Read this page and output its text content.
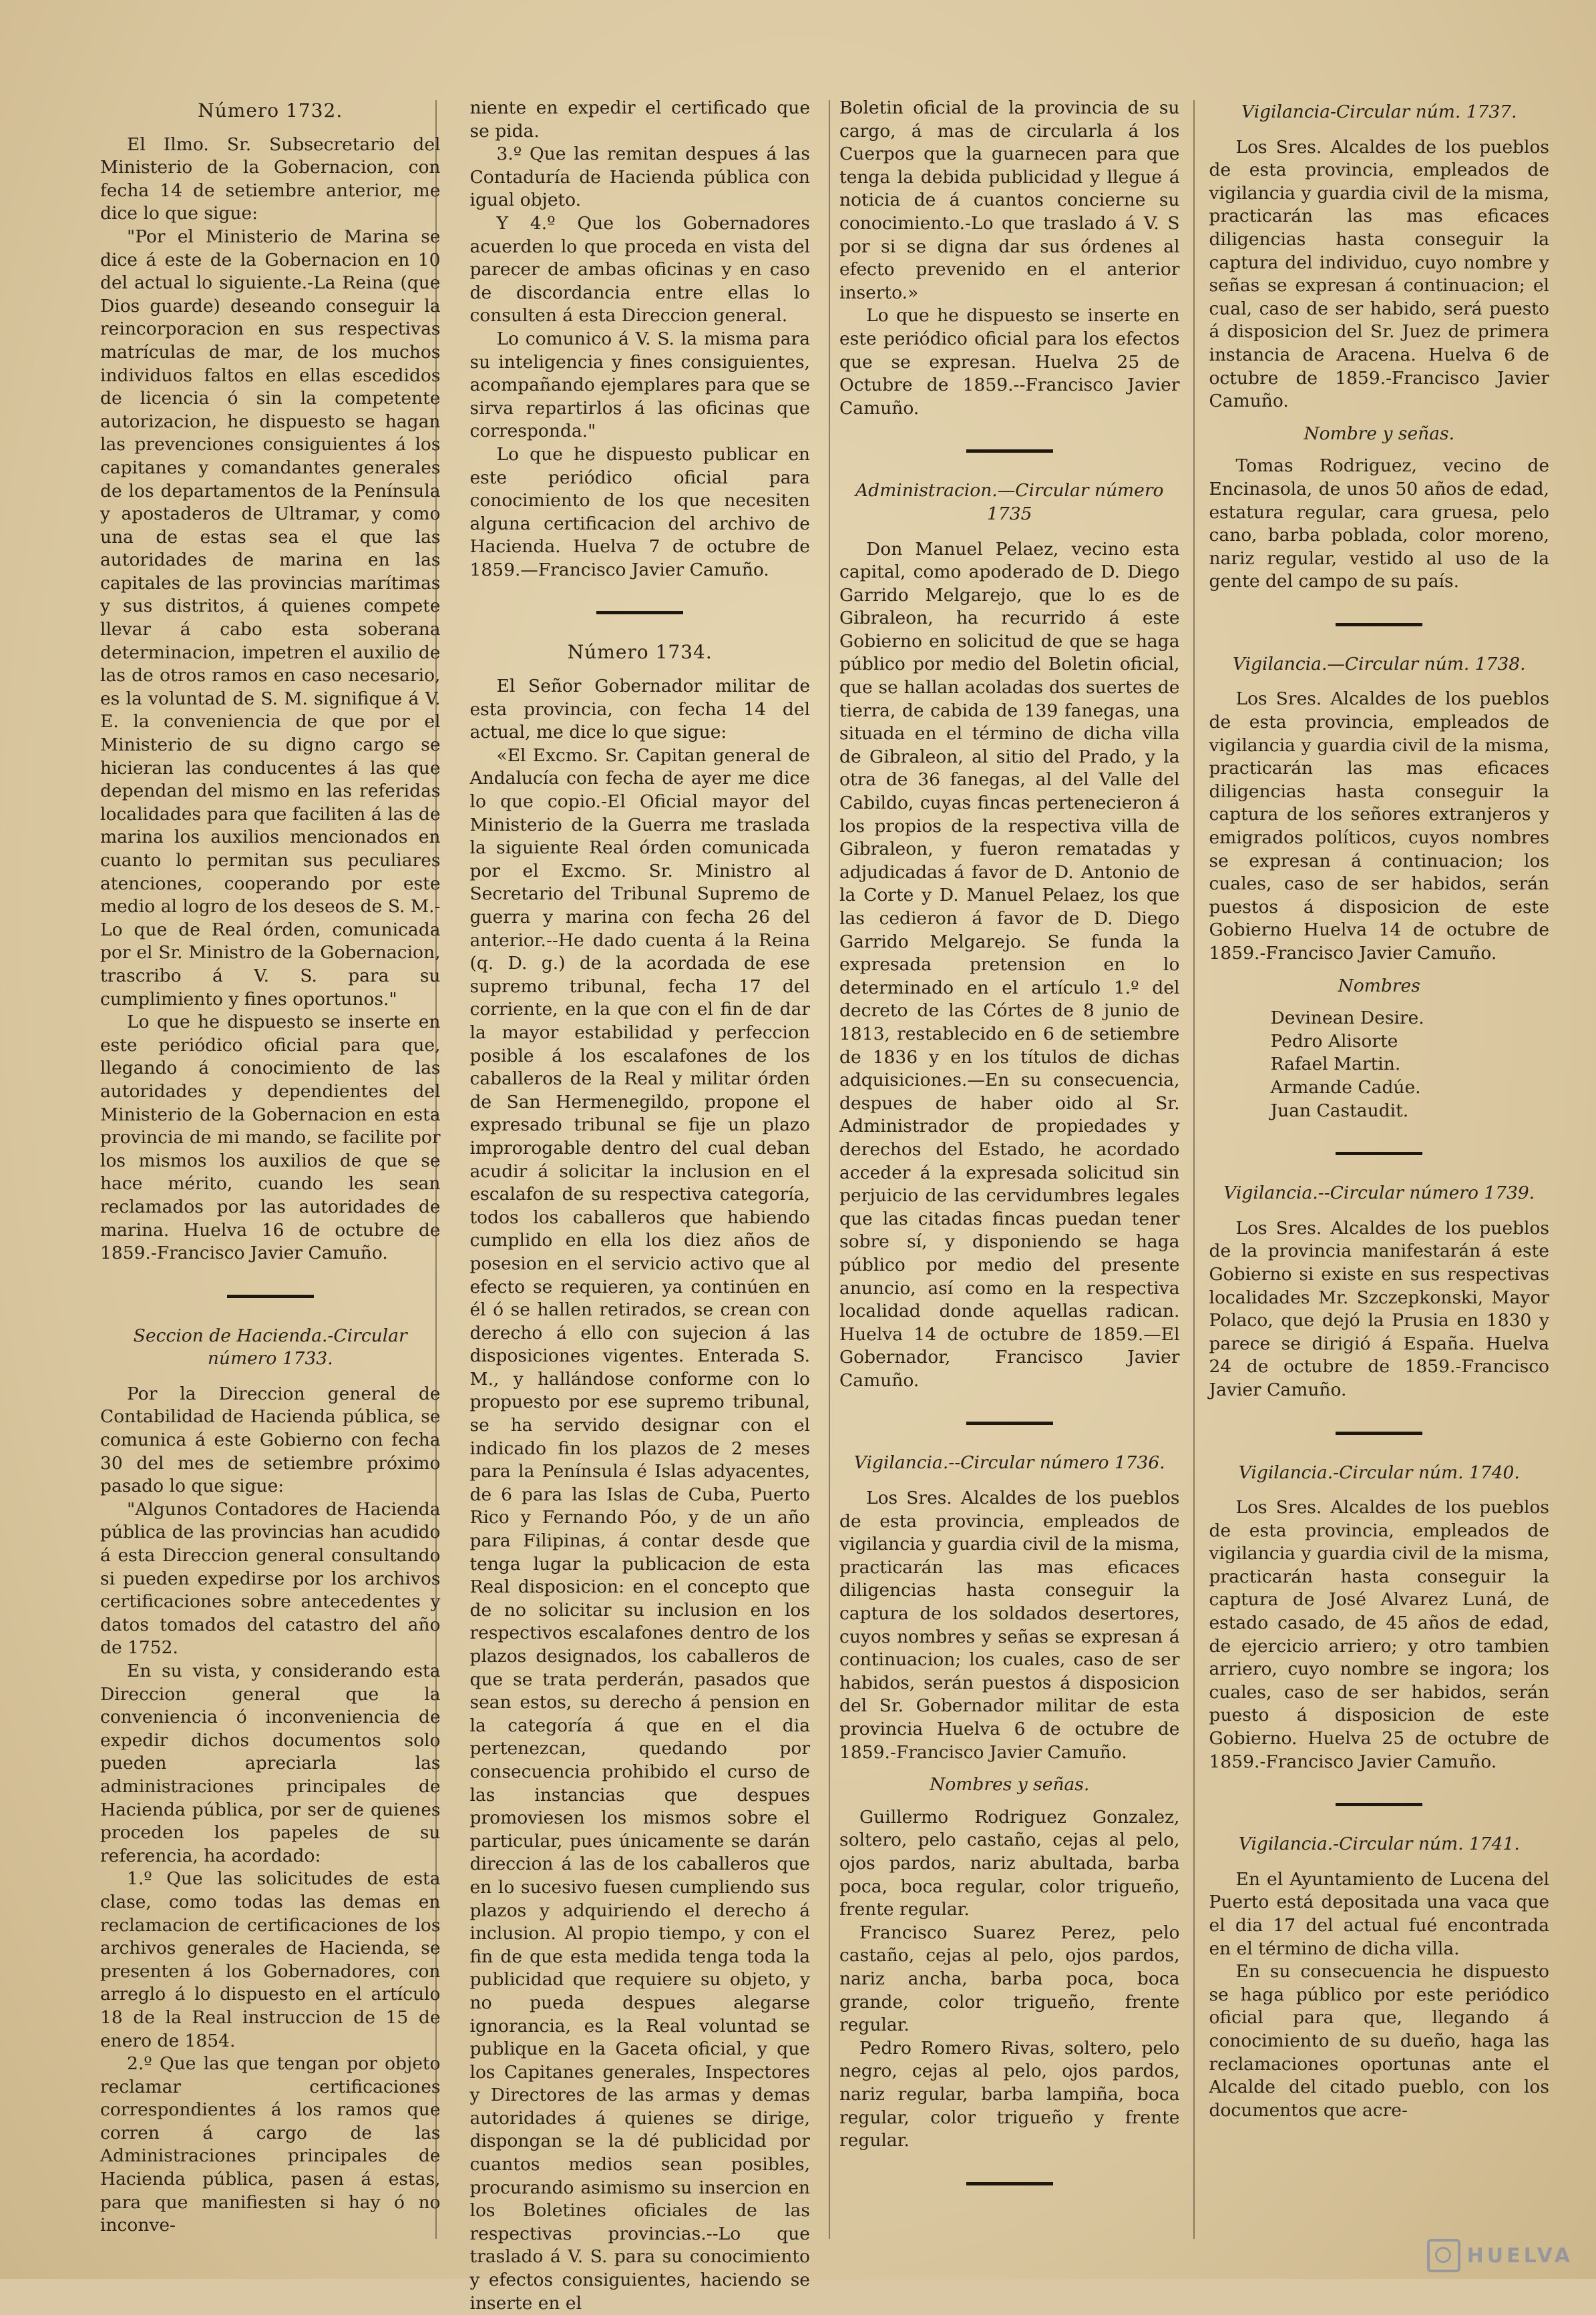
Número 1732.

El Ilmo. Sr. Subsecretario del Ministerio de la Gobernacion, con fecha 14 de setiembre anterior, me dice lo que sigue:

"Por el Ministerio de Marina se dice á este de la Gobernacion en 10 del actual lo siguiente.-La Reina (que Dios guarde) deseando conseguir la reincorporacion en sus respectivas matrículas de mar, de los muchos individuos faltos en ellas escedidos de licencia ó sin la competente autorizacion, he dispuesto se hagan las prevenciones consiguientes á los capitanes y comandantes generales de los departamentos de la Península y apostaderos de Ultramar, y como una de estas sea el que las autoridades de marina en las capitales de las provincias marítimas y sus distritos, á quienes compete llevar á cabo esta soberana determinacion, impetren el auxilio de las de otros ramos en caso necesario, es la voluntad de S. M. signifique á V. E. la conveniencia de que por el Ministerio de su digno cargo se hicieran las conducentes á las que dependan del mismo en las referidas localidades para que faciliten á las de marina los auxilios mencionados en cuanto lo permitan sus peculiares atenciones, cooperando por este medio al logro de los deseos de S. M.-Lo que de Real órden, comunicada por el Sr. Ministro de la Gobernacion, trascribo á V. S. para su cumplimiento y fines oportunos."

Lo que he dispuesto se inserte en este periódico oficial para que, llegando á conocimiento de las autoridades y dependientes del Ministerio de la Gobernacion en esta provincia de mi mando, se facilite por los mismos los auxilios de que se hace mérito, cuando les sean reclamados por las autoridades de marina. Huelva 16 de octubre de 1859.-Francisco Javier Camuño.

Seccion de Hacienda.-Circular número 1733.

Por la Direccion general de Contabilidad de Hacienda pública, se comunica á este Gobierno con fecha 30 del mes de setiembre próximo pasado lo que sigue:

"Algunos Contadores de Hacienda pública de las provincias han acudido á esta Direccion general consultando si pueden expedirse por los archivos certificaciones sobre antecedentes y datos tomados del catastro del año de 1752.

En su vista, y considerando esta Direccion general que la conveniencia ó inconveniencia de expedir dichos documentos solo pueden apreciarla las administraciones principales de Hacienda pública, por ser de quienes proceden los papeles de su referencia, ha acordado:

1.º Que las solicitudes de esta clase, como todas las demas en reclamacion de certificaciones de los archivos generales de Hacienda, se presenten á los Gobernadores, con arreglo á lo dispuesto en el artículo 18 de la Real instruccion de 15 de enero de 1854.

2.º Que las que tengan por objeto reclamar certificaciones correspondientes á los ramos que corren á cargo de las Administraciones principales de Hacienda pública, pasen á estas, para que manifiesten si hay ó no inconve-

niente en expedir el certificado que se pida.

3.º Que las remitan despues á las Contaduría de Hacienda pública con igual objeto.

Y 4.º Que los Gobernadores acuerden lo que proceda en vista del parecer de ambas oficinas y en caso de discordancia entre ellas lo consulten á esta Direccion general.

Lo comunico á V. S. la misma para su inteligencia y fines consiguientes, acompañando ejemplares para que se sirva repartirlos á las oficinas que corresponda."

Lo que he dispuesto publicar en este periódico oficial para conocimiento de los que necesiten alguna certificacion del archivo de Hacienda. Huelva 7 de octubre de 1859.—Francisco Javier Camuño.

Número 1734.

El Señor Gobernador militar de esta provincia, con fecha 14 del actual, me dice lo que sigue:

«El Excmo. Sr. Capitan general de Andalucía con fecha de ayer me dice lo que copio.-El Oficial mayor del Ministerio de la Guerra me traslada la siguiente Real órden comunicada por el Excmo. Sr. Ministro al Secretario del Tribunal Supremo de guerra y marina con fecha 26 del anterior.--He dado cuenta á la Reina (q. D. g.) de la acordada de ese supremo tribunal, fecha 17 del corriente, en la que con el fin de dar la mayor estabilidad y perfeccion posible á los escalafones de los caballeros de la Real y militar órden de San Hermenegildo, propone el expresado tribunal se fije un plazo improrogable dentro del cual deban acudir á solicitar la inclusion en el escalafon de su respectiva categoría, todos los caballeros que habiendo cumplido en ella los diez años de posesion en el servicio activo que al efecto se requieren, ya continúen en él ó se hallen retirados, se crean con derecho á ello con sujecion á las disposiciones vigentes. Enterada S. M., y hallándose conforme con lo propuesto por ese supremo tribunal, se ha servido designar con el indicado fin los plazos de 2 meses para la Península é Islas adyacentes, de 6 para las Islas de Cuba, Puerto Rico y Fernando Póo, y de un año para Filipinas, á contar desde que tenga lugar la publicacion de esta Real disposicion: en el concepto que de no solicitar su inclusion en los respectivos escalafones dentro de los plazos designados, los caballeros de que se trata perderán, pasados que sean estos, su derecho á pension en la categoría á que en el dia pertenezcan, quedando por consecuencia prohibido el curso de las instancias que despues promoviesen los mismos sobre el particular, pues únicamente se darán direccion á las de los caballeros que en lo sucesivo fuesen cumpliendo sus plazos y adquiriendo el derecho á inclusion. Al propio tiempo, y con el fin de que esta medida tenga toda la publicidad que requiere su objeto, y no pueda despues alegarse ignorancia, es la Real voluntad se publique en la Gaceta oficial, y que los Capitanes generales, Inspectores y Directores de las armas y demas autoridades á quienes se dirige, dispongan se la dé publicidad por cuantos medios sean posibles, procurando asimismo su insercion en los Boletines oficiales de las respectivas provincias.--Lo que traslado á V. S. para su conocimiento y efectos consiguientes, haciendo se inserte en el

Boletin oficial de la provincia de su cargo, á mas de circularla á los Cuerpos que la guarnecen para que tenga la debida publicidad y llegue á noticia de á cuantos concierne su conocimiento.-Lo que traslado á V. S por si se digna dar sus órdenes al efecto prevenido en el anterior inserto.»

Lo que he dispuesto se inserte en este periódico oficial para los efectos que se expresan. Huelva 25 de Octubre de 1859.--Francisco Javier Camuño.

Administracion.—Circular número 1735

Don Manuel Pelaez, vecino esta capital, como apoderado de D. Diego Garrido Melgarejo, que lo es de Gibraleon, ha recurrido á este Gobierno en solicitud de que se haga público por medio del Boletin oficial, que se hallan acoladas dos suertes de tierra, de cabida de 139 fanegas, una situada en el término de dicha villa de Gibraleon, al sitio del Prado, y la otra de 36 fanegas, al del Valle del Cabildo, cuyas fincas pertenecieron á los propios de la respectiva villa de Gibraleon, y fueron rematadas y adjudicadas á favor de D. Antonio de la Corte y D. Manuel Pelaez, los que las cedieron á favor de D. Diego Garrido Melgarejo. Se funda la expresada pretension en lo determinado en el artículo 1.º del decreto de las Córtes de 8 junio de 1813, restablecido en 6 de setiembre de 1836 y en los títulos de dichas adquisiciones.—En su consecuencia, despues de haber oido al Sr. Administrador de propiedades y derechos del Estado, he acordado acceder á la expresada solicitud sin perjuicio de las cervidumbres legales que las citadas fincas puedan tener sobre sí, y disponiendo se haga público por medio del presente anuncio, así como en la respectiva localidad donde aquellas radican. Huelva 14 de octubre de 1859.—El Gobernador, Francisco Javier Camuño.

Vigilancia.--Circular número 1736.

Los Sres. Alcaldes de los pueblos de esta provincia, empleados de vigilancia y guardia civil de la misma, practicarán las mas eficaces diligencias hasta conseguir la captura de los soldados desertores, cuyos nombres y señas se expresan á continuacion; los cuales, caso de ser habidos, serán puestos á disposicion del Sr. Gobernador militar de esta provincia Huelva 6 de octubre de 1859.-Francisco Javier Camuño.

Nombres y señas.

Guillermo Rodriguez Gonzalez, soltero, pelo castaño, cejas al pelo, ojos pardos, nariz abultada, barba poca, boca regular, color trigueño, frente regular.

Francisco Suarez Perez, pelo castaño, cejas al pelo, ojos pardos, nariz ancha, barba poca, boca grande, color trigueño, frente regular.

Pedro Romero Rivas, soltero, pelo negro, cejas al pelo, ojos pardos, nariz regular, barba lampiña, boca regular, color trigueño y frente regular.

Vigilancia-Circular núm. 1737.

Los Sres. Alcaldes de los pueblos de esta provincia, empleados de vigilancia y guardia civil de la misma, practicarán las mas eficaces diligencias hasta conseguir la captura del individuo, cuyo nombre y señas se expresan á continuacion; el cual, caso de ser habido, será puesto á disposicion del Sr. Juez de primera instancia de Aracena. Huelva 6 de octubre de 1859.-Francisco Javier Camuño.

Nombre y señas.

Tomas Rodriguez, vecino de Encinasola, de unos 50 años de edad, estatura regular, cara gruesa, pelo cano, barba poblada, color moreno, nariz regular, vestido al uso de la gente del campo de su país.

Vigilancia.—Circular núm. 1738.

Los Sres. Alcaldes de los pueblos de esta provincia, empleados de vigilancia y guardia civil de la misma, practicarán las mas eficaces diligencias hasta conseguir la captura de los señores extranjeros y emigrados políticos, cuyos nombres se expresan á continuacion; los cuales, caso de ser habidos, serán puestos á disposicion de este Gobierno Huelva 14 de octubre de 1859.-Francisco Javier Camuño.

Nombres
Devinean Desire.
Pedro Alisorte
Rafael Martin.
Armande Cadúe.
Juan Castaudit.
Vigilancia.--Circular número 1739.

Los Sres. Alcaldes de los pueblos de la provincia manifestarán á este Gobierno si existe en sus respectivas localidades Mr. Szczepkonski, Mayor Polaco, que dejó la Prusia en 1830 y parece se dirigió á España. Huelva 24 de octubre de 1859.-Francisco Javier Camuño.

Vigilancia.-Circular núm. 1740.

Los Sres. Alcaldes de los pueblos de esta provincia, empleados de vigilancia y guardia civil de la misma, practicarán hasta conseguir la captura de José Alvarez Luná, de estado casado, de 45 años de edad, de ejercicio arriero; y otro tambien arriero, cuyo nombre se ingora; los cuales, caso de ser habidos, serán puesto á disposicion de este Gobierno. Huelva 25 de octubre de 1859.-Francisco Javier Camuño.

Vigilancia.-Circular núm. 1741.

En el Ayuntamiento de Lucena del Puerto está depositada una vaca que el dia 17 del actual fué encontrada en el término de dicha villa.

En su consecuencia he dispuesto se haga público por este periódico oficial para que, llegando á conocimiento de su dueño, haga las reclamaciones oportunas ante el Alcalde del citado pueblo, con los documentos que acre-

HUELVA
